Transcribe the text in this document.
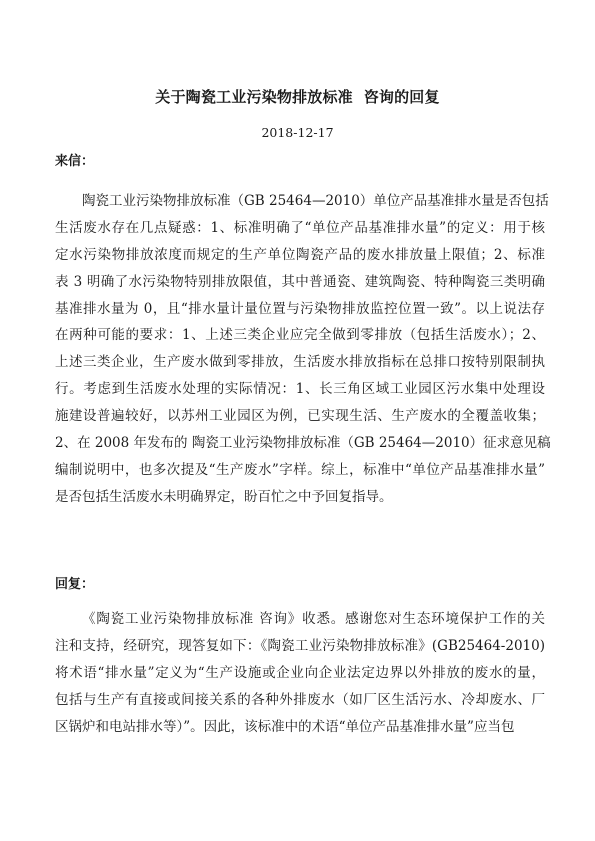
关于陶瓷工业污染物排放标准  咨询的回复
2018-12-17
来信：
陶瓷工业污染物排放标准（GB 25464—2010）单位产品基准排水量是否包括
生活废水存在几点疑惑：1、标准明确了“单位产品基准排水量”的定义：用于核
定水污染物排放浓度而规定的生产单位陶瓷产品的废水排放量上限值；2、标准
表 3 明确了水污染物特别排放限值，其中普通瓷、建筑陶瓷、特种陶瓷三类明确
基准排水量为 0，且“排水量计量位置与污染物排放监控位置一致”。以上说法存
在两种可能的要求：1、上述三类企业应完全做到零排放（包括生活废水）；2、
上述三类企业，生产废水做到零排放，生活废水排放指标在总排口按特别限制执
行。考虑到生活废水处理的实际情况：1、长三角区域工业园区污水集中处理设
施建设普遍较好，以苏州工业园区为例，已实现生活、生产废水的全覆盖收集；
2、在 2008 年发布的 陶瓷工业污染物排放标准（GB 25464—2010）征求意见稿
编制说明中，也多次提及“生产废水”字样。综上，标准中“单位产品基准排水量”
是否包括生活废水未明确界定，盼百忙之中予回复指导。
回复：
《陶瓷工业污染物排放标准 咨询》收悉。感谢您对生态环境保护工作的关
注和支持，经研究，现答复如下：《陶瓷工业污染物排放标准》(GB25464-2010)
将术语“排水量”定义为“生产设施或企业向企业法定边界以外排放的废水的量，
包括与生产有直接或间接关系的各种外排废水（如厂区生活污水、冷却废水、厂
区锅炉和电站排水等）”。因此，该标准中的术语“单位产品基准排水量”应当包
